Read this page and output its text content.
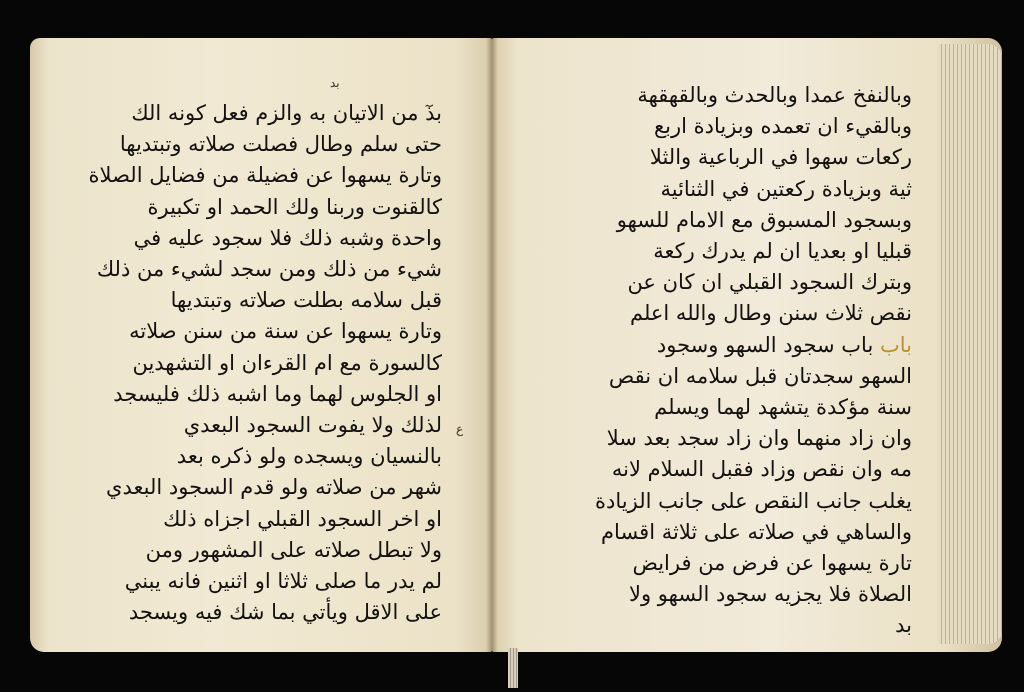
بد
ع
بذٓ من الاتيان به والزم فعل كونه الك
حتى سلم وطال فصلت صلاته وتبتديها
وتارة يسهوا عن فضيلة من فضايل الصلاة
كالقنوت وربنا ولك الحمد او تكبيرة
واحدة وشبه ذلك فلا سجود عليه في
شيء من ذلك ومن سجد لشيء من ذلك
قبل سلامه بطلت صلاته وتبتديها
وتارة يسهوا عن سنة من سنن صلاته
كالسورة مع ام القرءان او التشهدين
او الجلوس لهما وما اشبه ذلك فليسجد
لذلك ولا يفوت السجود البعدي
بالنسيان ويسجده ولو ذكره بعد
شهر من صلاته ولو قدم السجود البعدي
او اخر السجود القبلي اجزاه ذلك
ولا تبطل صلاته على المشهور ومن
لم يدر ما صلى ثلاثا او اثنين فانه يبني
على الاقل ويأتي بما شك فيه ويسجد
وبالنفخ عمدا وبالحدث وبالقهقهة
وبالقيء ان تعمده وبزيادة اربع
ركعات سهوا في الرباعية والثلا
ثية وبزيادة ركعتين في الثنائية
وبسجود المسبوق مع الامام للسهو
قبليا او بعديا ان لم يدرك ركعة
وبترك السجود القبلي ان كان عن
نقص ثلاث سنن وطال والله اعلم
باب باب سجود السهو وسجود
السهو سجدتان قبل سلامه ان نقص
سنة مؤكدة يتشهد لهما ويسلم
وان زاد منهما وان زاد سجد بعد سلا
مه وان نقص وزاد فقبل السلام لانه
يغلب جانب النقص على جانب الزيادة
والساهي في صلاته على ثلاثة اقسام
تارة يسهوا عن فرض من فرايض
الصلاة فلا يجزيه سجود السهو ولا
بد
